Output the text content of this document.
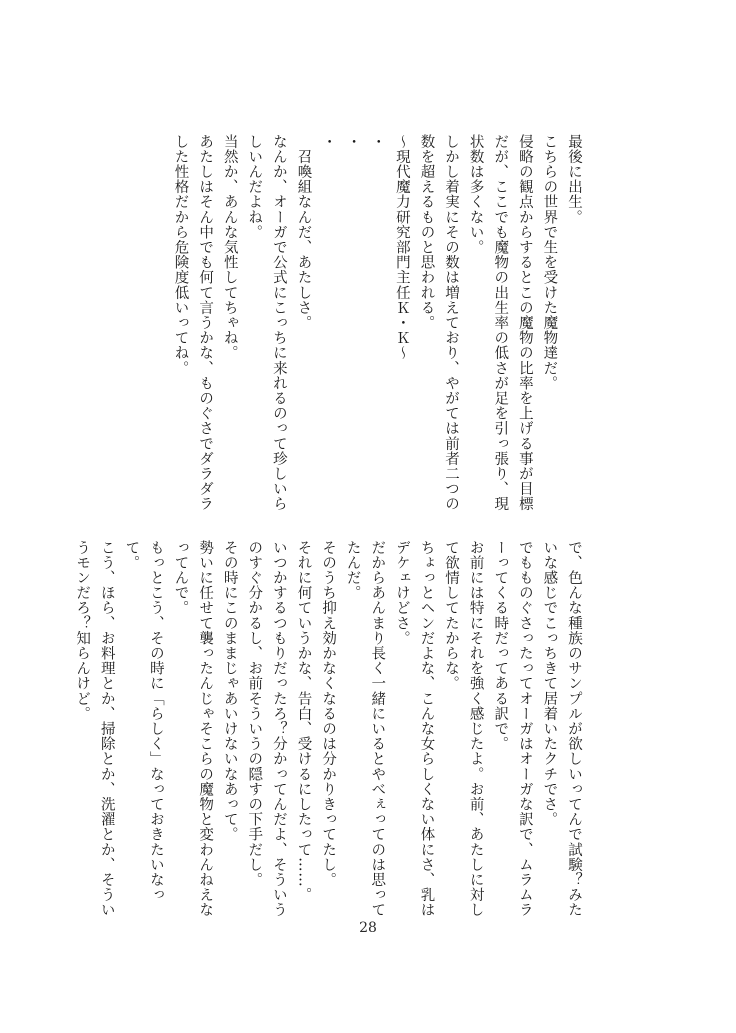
最後に出生。
こちらの世界で生を受けた魔物達だ。
侵略の観点からするとこの魔物の比率を上げる事が目標
だが、ここでも魔物の出生率の低さが足を引っ張り、現
状数は多くない。
しかし着実にその数は増えており、やがては前者二つの
数を超えるものと思われる。
～現代魔力研究部門主任Ｋ・Ｋ～
・
・
・
　召喚組なんだ、あたしさ。
なんか、オーガで公式にこっちに来れるのって珍しいら
しいんだよね。
当然か、あんな気性してちゃね。
あたしはそん中でも何て言うかな、ものぐさでダラダラ
した性格だから危険度低いってね。
で、色んな種族のサンプルが欲しいってんで試験？みた
いな感じでこっちきて居着いたクチでさ。
でもものぐさったってオーガはオーガな訳で、ムラムラ
ーってくる時だってある訳で。
お前には特にそれを強く感じたよ。お前、あたしに対し
て欲情してたからな。
ちょっとヘンだよな、こんな女らしくない体にさ、乳は
デケェけどさ。
だからあんまり長く一緒にいるとやべぇってのは思って
たんだ。
そのうち抑え効かなくなるのは分かりきってたし。
それに何ていうかな、告白、受けるにしたって……。
いつかするつもりだったろ？分かってんだよ、そういう
のすぐ分かるし、お前そういうの隠すの下手だし。
その時にこのままじゃあいけないなあって。
勢いに任せて襲ったんじゃそこらの魔物と変わんねえな
ってんで。
もっとこう、その時に「らしく」なっておきたいなっ
て。
こう、ほら、お料理とか、掃除とか、洗濯とか、そうい
うモンだろ？知らんけど。
28
